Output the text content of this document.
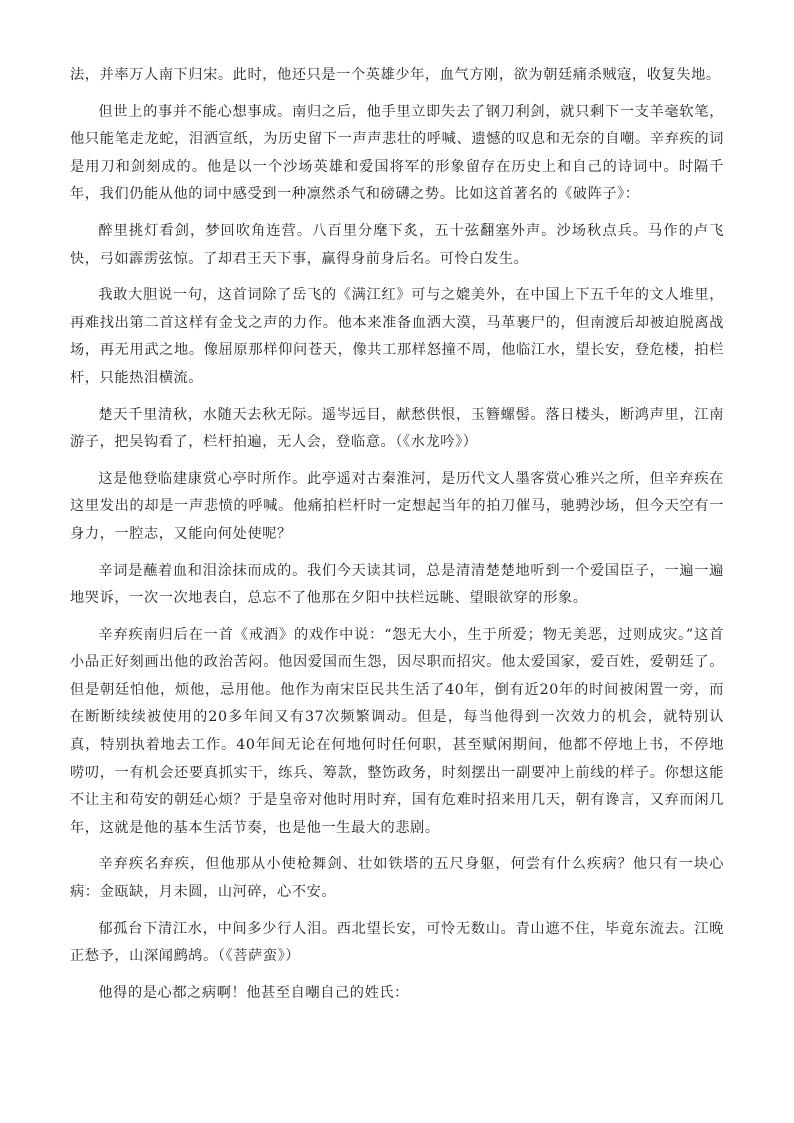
法，并率万人南下归宋。此时，他还只是一个英雄少年，血气方刚，欲为朝廷痛杀贼寇，收复失地。

但世上的事并不能心想事成。南归之后，他手里立即失去了钢刀利剑，就只剩下一支羊毫软笔，他只能笔走龙蛇，泪洒宣纸，为历史留下一声声悲壮的呼喊、遗憾的叹息和无奈的自嘲。辛弃疾的词是用刀和剑刻成的。他是以一个沙场英雄和爱国将军的形象留存在历史上和自己的诗词中。时隔千年，我们仍能从他的词中感受到一种凛然杀气和磅礴之势。比如这首著名的《破阵子》：

醉里挑灯看剑，梦回吹角连营。八百里分麾下炙，五十弦翻塞外声。沙场秋点兵。马作的卢飞快，弓如霹雳弦惊。了却君王天下事，赢得身前身后名。可怜白发生。

我敢大胆说一句，这首词除了岳飞的《满江红》可与之媲美外，在中国上下五千年的文人堆里，再难找出第二首这样有金戈之声的力作。他本来准备血洒大漠，马革裹尸的，但南渡后却被迫脱离战场，再无用武之地。像屈原那样仰问苍天，像共工那样怒撞不周，他临江水，望长安，登危楼，拍栏杆，只能热泪横流。

楚天千里清秋，水随天去秋无际。遥岑远目，献愁供恨，玉簪螺髻。落日楼头，断鸿声里，江南游子，把吴钩看了，栏杆拍遍，无人会，登临意。（《水龙吟》）

这是他登临建康赏心亭时所作。此亭遥对古秦淮河，是历代文人墨客赏心雅兴之所，但辛弃疾在这里发出的却是一声悲愤的呼喊。他痛拍栏杆时一定想起当年的拍刀催马，驰骋沙场，但今天空有一身力，一腔志，又能向何处使呢？

辛词是蘸着血和泪涂抹而成的。我们今天读其词，总是清清楚楚地听到一个爱国臣子，一遍一遍地哭诉，一次一次地表白，总忘不了他那在夕阳中扶栏远眺、望眼欲穿的形象。

辛弃疾南归后在一首《戒酒》的戏作中说：“怨无大小，生于所爱；物无美恶，过则成灾。”这首小品正好刻画出他的政治苦闷。他因爱国而生怨，因尽职而招灾。他太爱国家，爱百姓，爱朝廷了。但是朝廷怕他，烦他，忌用他。他作为南宋臣民共生活了40年，倒有近20年的时间被闲置一旁，而在断断续续被使用的20多年间又有37次频繁调动。但是，每当他得到一次效力的机会，就特别认真，特别执着地去工作。40年间无论在何地何时任何职，甚至赋闲期间，他都不停地上书，不停地唠叨，一有机会还要真抓实干，练兵、筹款，整饬政务，时刻摆出一副要冲上前线的样子。你想这能不让主和苟安的朝廷心烦？于是皇帝对他时用时弃，国有危难时招来用几天，朝有谗言，又弃而闲几年，这就是他的基本生活节奏，也是他一生最大的悲剧。

辛弃疾名弃疾，但他那从小使枪舞剑、壮如铁塔的五尺身躯，何尝有什么疾病？他只有一块心病：金瓯缺，月未圆，山河碎，心不安。

郁孤台下清江水，中间多少行人泪。西北望长安，可怜无数山。青山遮不住，毕竟东流去。江晚正愁予，山深闻鹧鸪。（《菩萨蛮》）

他得的是心都之病啊！他甚至自嘲自己的姓氏：
